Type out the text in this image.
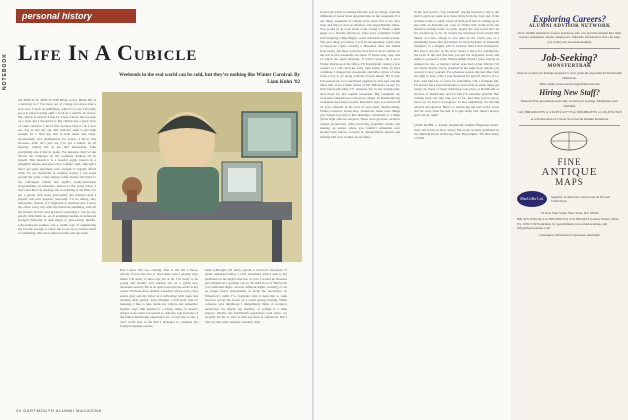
NOTEBOOK
personal history
Life In A Cubicle
Weekends in the real world can be cold, but they’re nothing like Winter Carnival. By Liam Kuhn ’02

SO THIS IS IT. THIS IS THE REAL world. Hmm. Bit of a letdown, no? I’ve been out of college for more than a year now. I work in publishing, which is to say I’m really good at photocopying stuff I work in a cubicle. In Jersey. My cubicle is exactly 6 feet by 4 feet. I know this because on a slow day I measured it. My cubicle has a great view of other cubicles. I know this because they’re all I ever see, day in and day out. My cubicle’s desk is just high enough for a man my size to hide under and weep, inconsolably and undisturbed, for hours. I know this because—well, let’s just say I’ve got a hunch. In all honesty, cubicle life is not that unbearable. Like everything else it has its perks. For instance, they let me choose the wallpaper on my computer desktop all by myself. This month it is a tasteful argyle pattern in a delightful mauve-and-puce color scheme. And, although I don’t get paid anywhere near enough to legally afford cable TV (or electricity or running water), I can stand around the water cooler during coffee breaks and listen to my colleagues rehash last night’s reality-television programming ad nauseam—almost to the point where I don’t feel like I’m missing out on anything at all. Plus I’ve got a phone with more personality and features than I myself will ever possess. Seriously. I’d be telling only half-truths, friends, if I neglected to mention that I leave the office every day with my briefcase brimming with all the filched Post-its and gel-bond paperclips I can get my greedy little mitts on. As if peddling bundles of industrial strength Wite-Out in dark alleys to glue-eating, middle-school-dropout junkies was a viable way of augmenting my income enough to allow me to eat an occasional meal of something other than ramen noodles and tap water.

But I knew this was coming. This is the life I chose; nobody forced me into it. And these aren’t exactly easy times: I’m lucky to have any job at all. I’m lucky to be young and healthy and starting out on a grand new adventure and my life is an open book and the world is my oyster. On those slow, endless workdays where every color seems gray and my inbox is overflowing with tasks less exciting than giving John Madden a full-body hair-oil massage, I like to hide inside my cubicle and remember happier days. But memory’s a funny thing: It doesn’t always work when you need it to. Already vast stretches of the fabled Dartmouth experience are a total blur to me. I can’t recall how in the hell I managed to complete my foreign language require-

ment (although I’m fairly certain it involved envelopes of small, unmarked bills). I can’t remember what I said to my girlfriend on the night I met her, or how I wound up shoeless and shirtless in a garbage can on the third floor of Hitchcock (on a different night—several different nights, actually). I can no longer factor polynomials or recite the inscription on Wheelock’s tomb. I’ve forgotten what it feels like to walk barefoot across the Green on a warm spring evening. When someone says diphthong I immediately think of women’s underwear. So maybe my memory of college is a little suspect. Maybe my Dartmouth experience took place too recently for me to view it with any kind of objectivity. But I will say this with complete certainty: Life

30 DARTMOUTH ALUMNI MAGAZINE

in the real world is nothing like life was in college. And the difference is never more apparent than on the weekends. For one thing, weekends in college were about five or six days long and they’d start at arbitrary and unpredictable times. You would be in your dorm room, trying to finish a term paper on a Sunday afternoon, when your roommate would start bumping a little Biggie on his ridiculous sound system. The next thing you knew, you’d be shotgunning warm cans of Keystone Light, wearing a Hawaiian shirt and Mardi Gras beads, and there would be four feet of snow outside. In the real world, weekends are about 72 hours long, tops, and of which are spent sleeping. If you’re lucky. On a slow Friday afternoon at the office, I’ll find myself casting a few corners so I can catch the early train home. After an hour commute, I change into sweatpants and have a glass of wine from a box to go along with my frozen dinner. By 9 p.m. I’m passed out on a couch held together by duct tape and the sheer will of God while reruns of Mr. Belvedere on my 13-inch black-and-white TV serenade me in the background. And those are just regular weekends. Big weekends are even pale comparisons to those in college. At Dartmouth big weekends were major events. Red-letter days you starred off on your calendar at the start of each term. Homecoming, Winter Carnival, Green Key. Tubestock; these were things you looked forward to like birthdays, Christmas or a Mike Tyson fight after he snapped. These were glorious, alcohol-soaked productions often involving pragmatic rituals and making up stories where you couldn’t remember ever having been before, covered in unidentifiable liquids and missing half your clothes. Good times.

In the real world a “big weekend” usually involves a trip to the mall to pick up some new dress shirts from the Gap and, if the weather holds, a quick round of mini-golf before curling up in bed with an 8-month-old copy of Vanity Fair stolen from the dentist’s waiting room. So yeah, maybe the real world isn’t all it’s cracked up to be. Or maybe the transition from Grand Old Senior at a fun college to low man on the totem pole at a publishing house that specializes in encyclopedias of industrial chemistry is a tougher pill to swallow than I had anticipated. But here’s the part of the story where I shoot for redemption, the twist at the end that lets you put the magazine down and smile to yourself a little. Maybe things haven’t gone exactly as planned for me, or maybe I never even had a plan. Maybe I’m not alone; maybe you’re stranded in the same boat, maybe you were in it once yourself. For whatever reason, the last time I left the right to have a life I ever dreamed for myself. That is, it’s a start. And that has to count for something. I’m a fortunate kid. I’ll always have great memories to look back on when times get tough. So many of these memories took place at Dartmouth or because of Dartmouth, and for that I’m eternally grateful. But looking back can only take you so far. And then you’ve got to move on. So here’s to progress. To new beginnings. To moving onward and upward. Here’s to embracing the real world, warts and all. And, what the hell, if it gets really bad, there’s always grad school, right?

LIAM KUHN, a former Dartmouth Alumni Magazine intern, lives and works in New Jersey. His work recently published in the Smith & Kraus anthology, New Playwrights: The Best Plays of 2002.

Exploring Careers?
ALUMNI ADVISOR NETWORK
Over 16,000 alumni/ae Career Advisors who can provide insight into their careers, industries, fields, employers. Valuable information that can help you with your decision-making.
Job-Seeking?
MONSTERTRAK
Search on-line job listings targeted to new grads & experienced Dartmouth alumni/ae.
Bliss alum-career.services@dartmouth.edu
Hiring New Staff?
MonsterTrak guarantees next-day on-line job posting. Maximize your visibility.
Call: 866-999-8735 or 210-874-5277 Fax: 866-999-8735 or 210-874-7923
A collaboration of Career Services & Alumni Relations
FINE
ANTIQUE
MAPS
MarCoRo Ltd.	Supplier to Museum, University & Private Collections
70 East 55th Street New York, NY 10022
800-423-2345 45-212-308-0018 Fax 212-308-0074 Gallery Hours: Mon-Fri, 9:30-5:30 Saturdays by appointment www.martayanlan.com info@martayanlan.com
Catalogues Illustrated Catalogue Available
